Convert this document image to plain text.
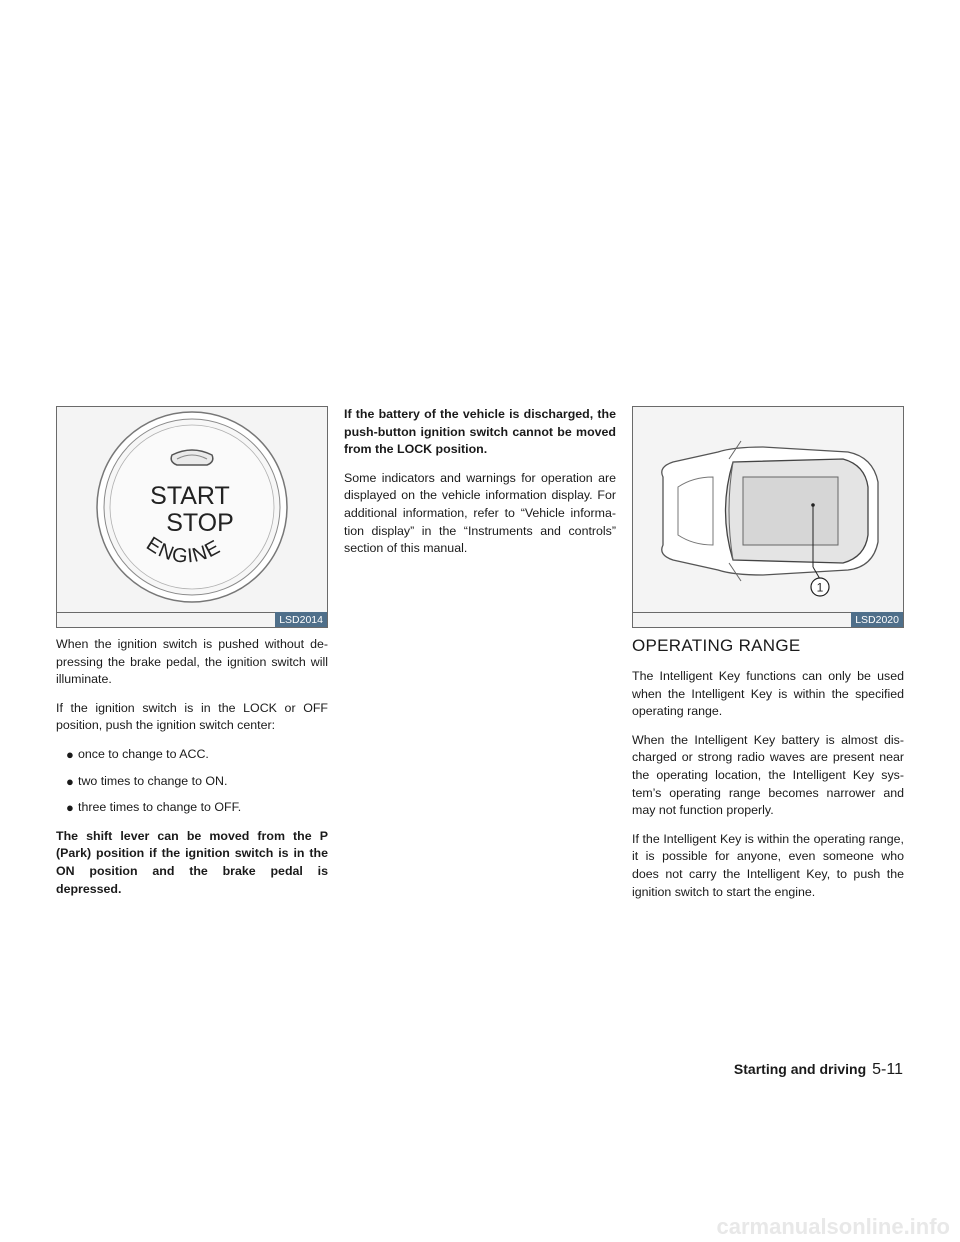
START
STOP
ENGINE
LSD2014

When the ignition switch is pushed without de- pressing the brake pedal, the ignition switch will illuminate.

If the ignition switch is in the LOCK or OFF position, push the ignition switch center:

● once to change to ACC.
● two times to change to ON.
● three times to change to OFF.

The shift lever can be moved from the P (Park) position if the ignition switch is in the ON position and the brake pedal is depressed.

If the battery of the vehicle is discharged, the push-button ignition switch cannot be moved from the LOCK position.

Some indicators and warnings for operation are displayed on the vehicle information display. For additional information, refer to “Vehicle informa- tion display” in the “Instruments and controls” section of this manual.

1
LSD2020
OPERATING RANGE

The Intelligent Key functions can only be used when the Intelligent Key is within the specified operating range.

When the Intelligent Key battery is almost dis- charged or strong radio waves are present near the operating location, the Intelligent Key sys- tem’s operating range becomes narrower and may not function properly.

If the Intelligent Key is within the operating range, it is possible for anyone, even someone who does not carry the Intelligent Key, to push the ignition switch to start the engine.

Starting and driving 5-11
carmanualsonline.info
